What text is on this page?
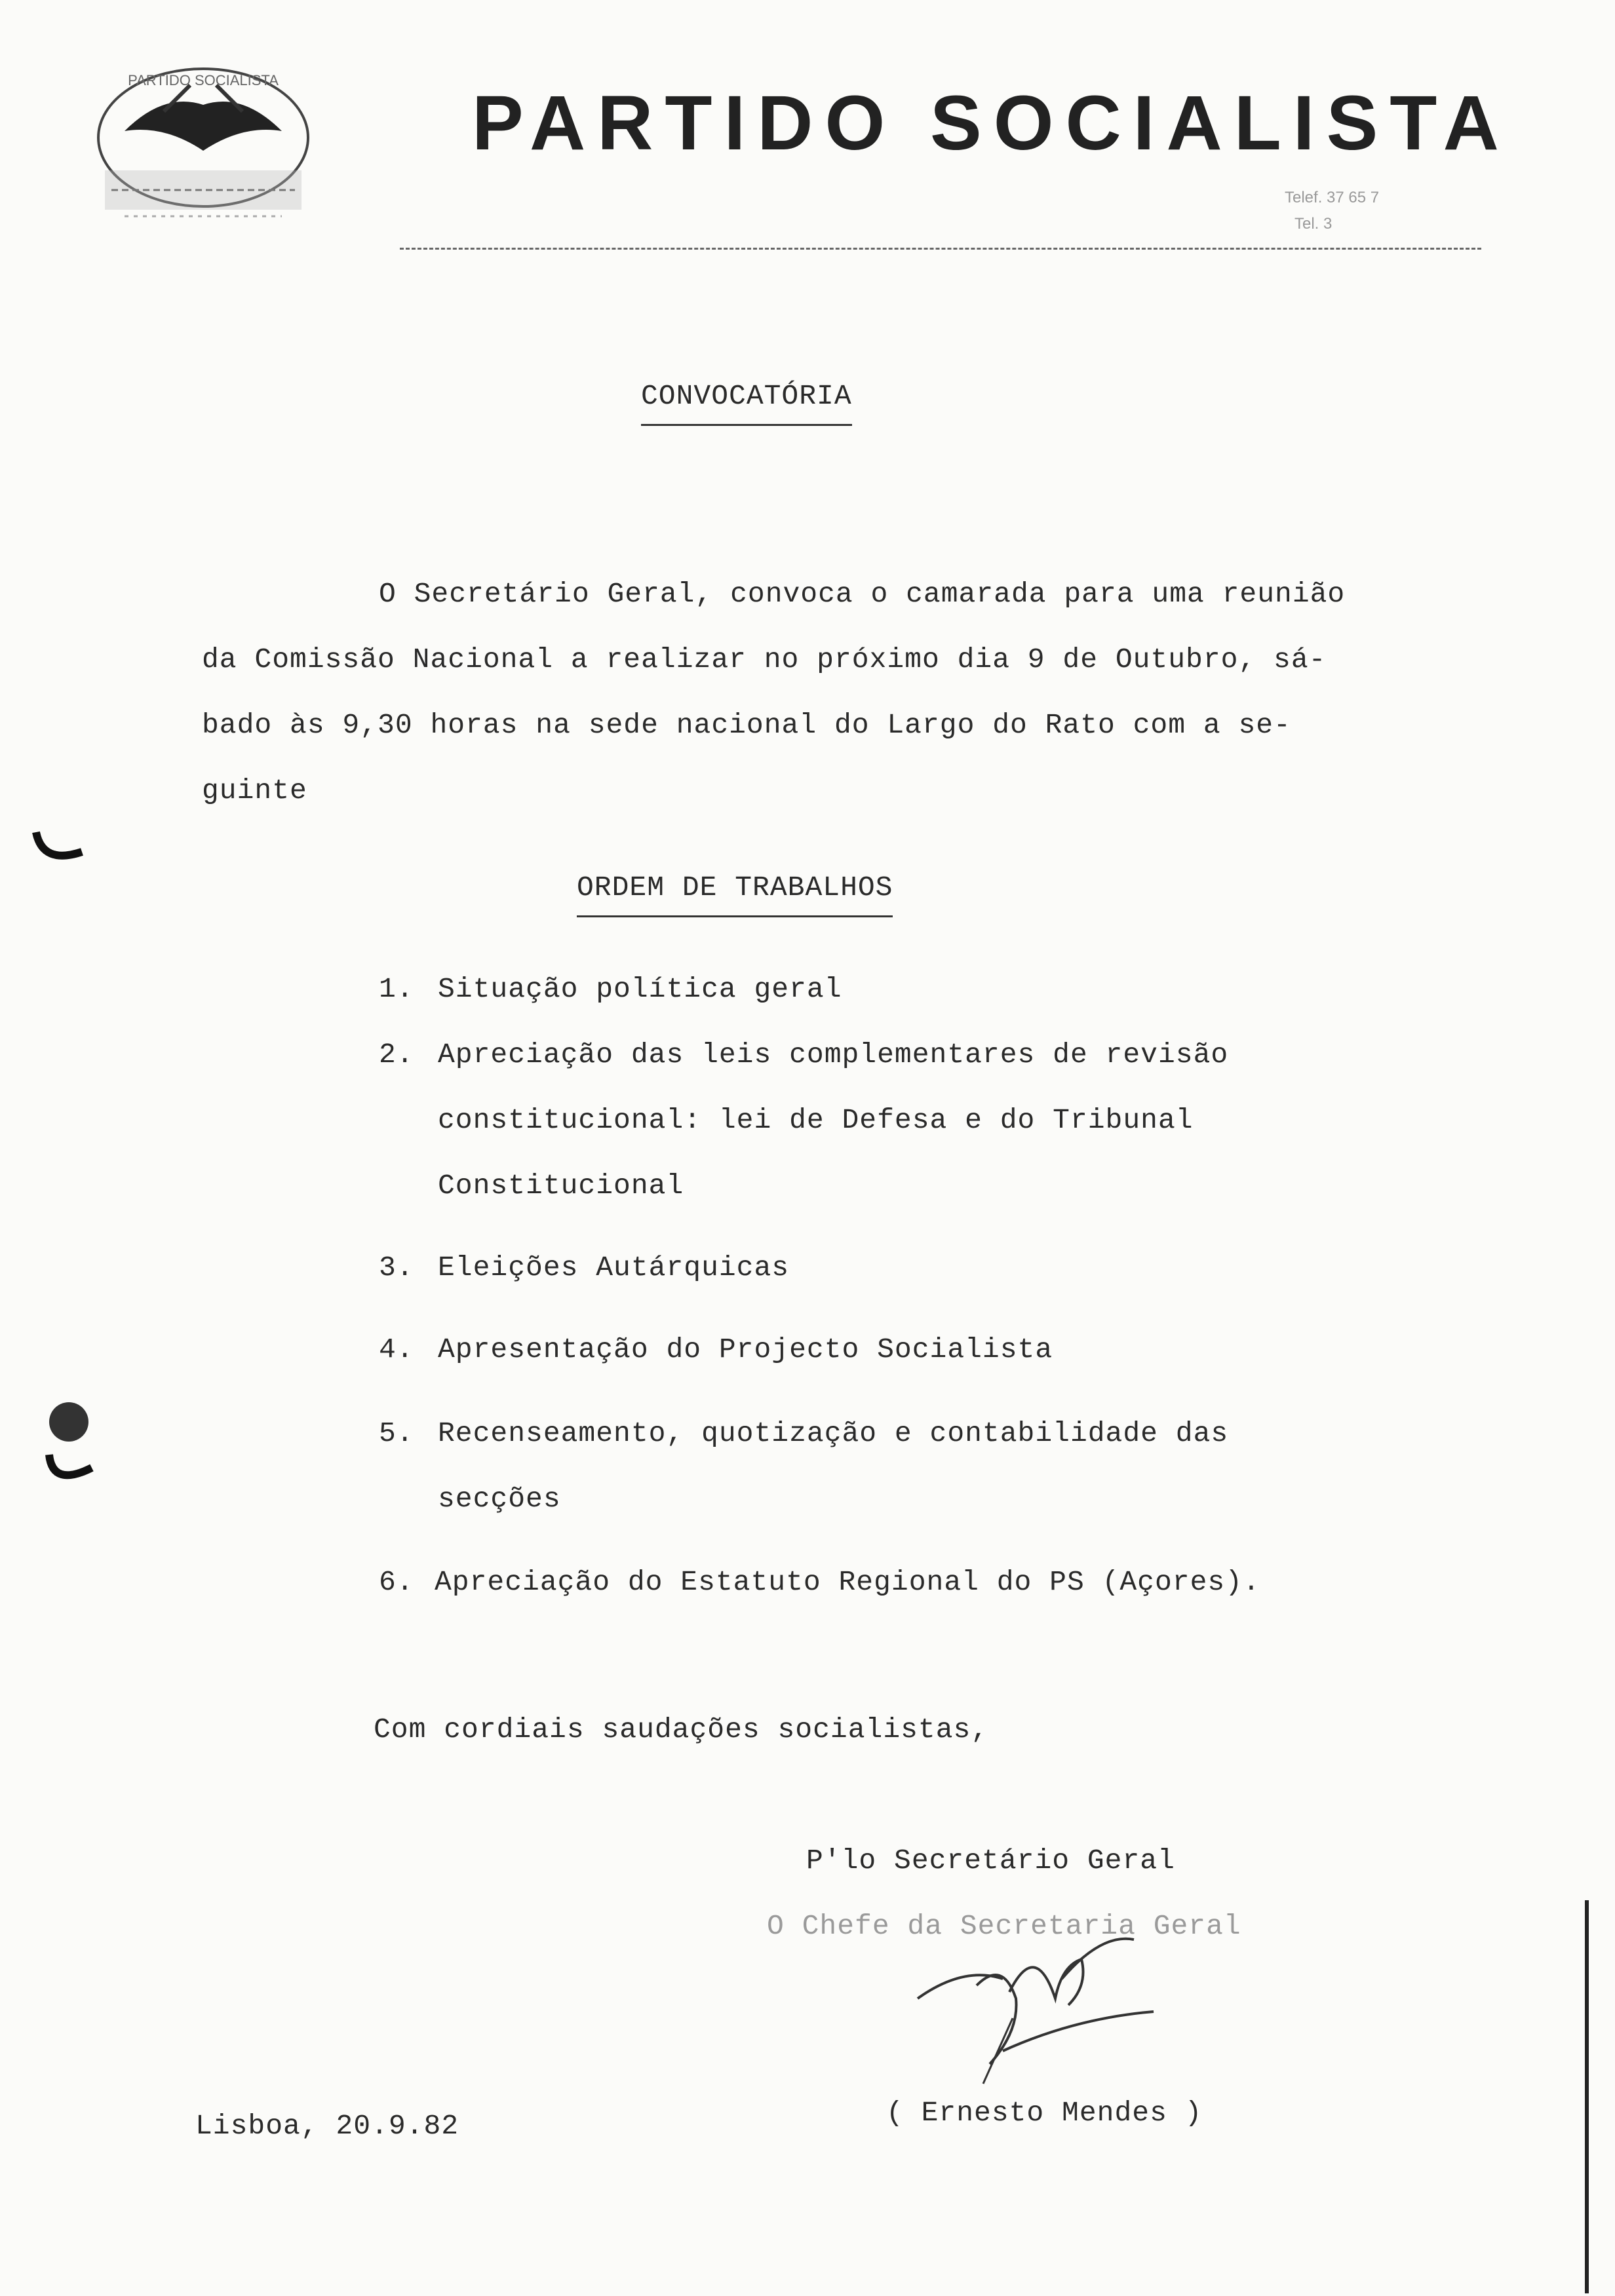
PARTIDO SOCIALISTA	PARTIDO SOCIALISTA
Telef. 37 65 7
Tel. 3
CONVOCATÓRIA
O Secretário Geral, convoca o camarada para uma reunião
da Comissão Nacional a realizar no próximo dia 9 de Outubro, sá-
bado às 9,30 horas na sede nacional do Largo do Rato com a se-
guinte
ORDEM DE TRABALHOS
1. Situação política geral
2. Apreciação das leis complementares de revisão
constitucional: lei de Defesa e do Tribunal
Constitucional
3. Eleições Autárquicas
4. Apresentação do Projecto Socialista
5. Recenseamento, quotização e contabilidade das
secções
6. Apreciação do Estatuto Regional do PS (Açores).
Com cordiais saudações socialistas,
P'lo Secretário Geral
O Chefe da Secretaria Geral
( Ernesto Mendes )
Lisboa, 20.9.82
